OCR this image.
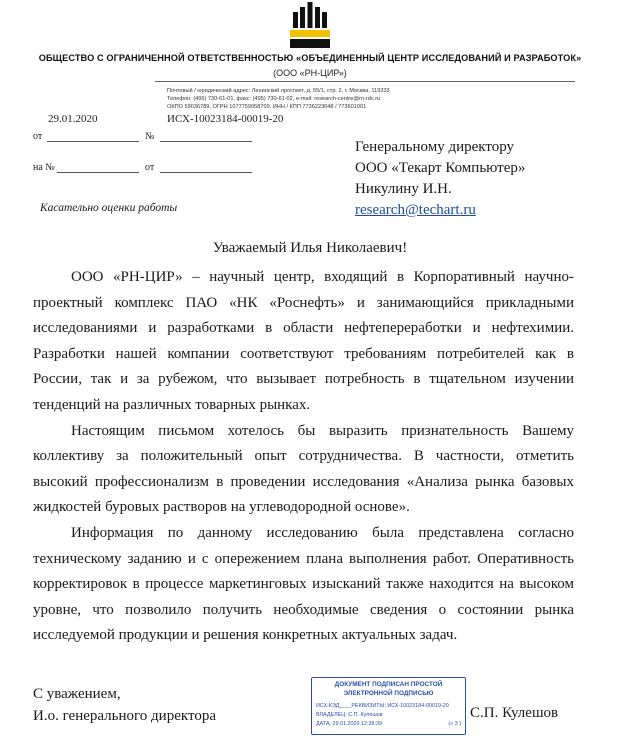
ОБЩЕСТВО С ОГРАНИЧЕННОЙ ОТВЕТСТВЕННОСТЬЮ «ОБЪЕДИНЕННЫЙ ЦЕНТР ИССЛЕДОВАНИЙ И РАЗРАБОТОК»
(ООО «РН-ЦИР»)
Почтовый / юридический адрес: Ленинский проспект, д. 55/1, стр. 2, г. Москва, 119333
Телефон: (495) 730-61-01, факс: (495) 730-61-02, e-mail: research-centre@rn-rdc.ru
ОКПО 59036789, ОГРН 1077759058709, ИНН / КПП 7736223048 / 773601001
29.01.2020	ИСХ-10023184-00019-20
от	№
на №	от
Генеральному директору
ООО «Текарт Компьютер»
Никулину И.Н.
research@techart.ru
Касательно оценки работы
Уважаемый Илья Николаевич!

ООО «РН-ЦИР» – научный центр, входящий в Корпоративный научно-проектный комплекс ПАО «НК «Роснефть» и занимающийся прикладными исследованиями и разработками в области нефтепереработки и нефтехимии. Разработки нашей компании соответствуют требованиям потребителей как в России, так и за рубежом, что вызывает потребность в тщательном изучении тенденций на различных товарных рынках.

Настоящим письмом хотелось бы выразить признательность Вашему коллективу за положительный опыт сотрудничества. В частности, отметить высокий профессионализм в проведении исследования «Анализа рынка базовых жидкостей буровых растворов на углеводородной основе».

Информация по данному исследованию была представлена согласно техническому заданию и с опережением плана выполнения работ. Оперативность корректировок в процессе маркетинговых изысканий также находится на высоком уровне, что позволило получить необходимые сведения о состоянии рынка исследуемой продукции и решения конкретных актуальных задач.

С уважением,
И.о. генерального директора
ДОКУМЕНТ ПОДПИСАН ПРОСТОЙ
ЭЛЕКТРОННОЙ ПОДПИСЬЮ
ИСХ-КЭД____РЕКВИЗИТЫ: ИСХ-10023184-00019-20
ВЛАДЕЛЕЦ: С.П. Кулешов
ДАТА: 29.01.2020 12:38:39	(« 3 )
С.П. Кулешов
